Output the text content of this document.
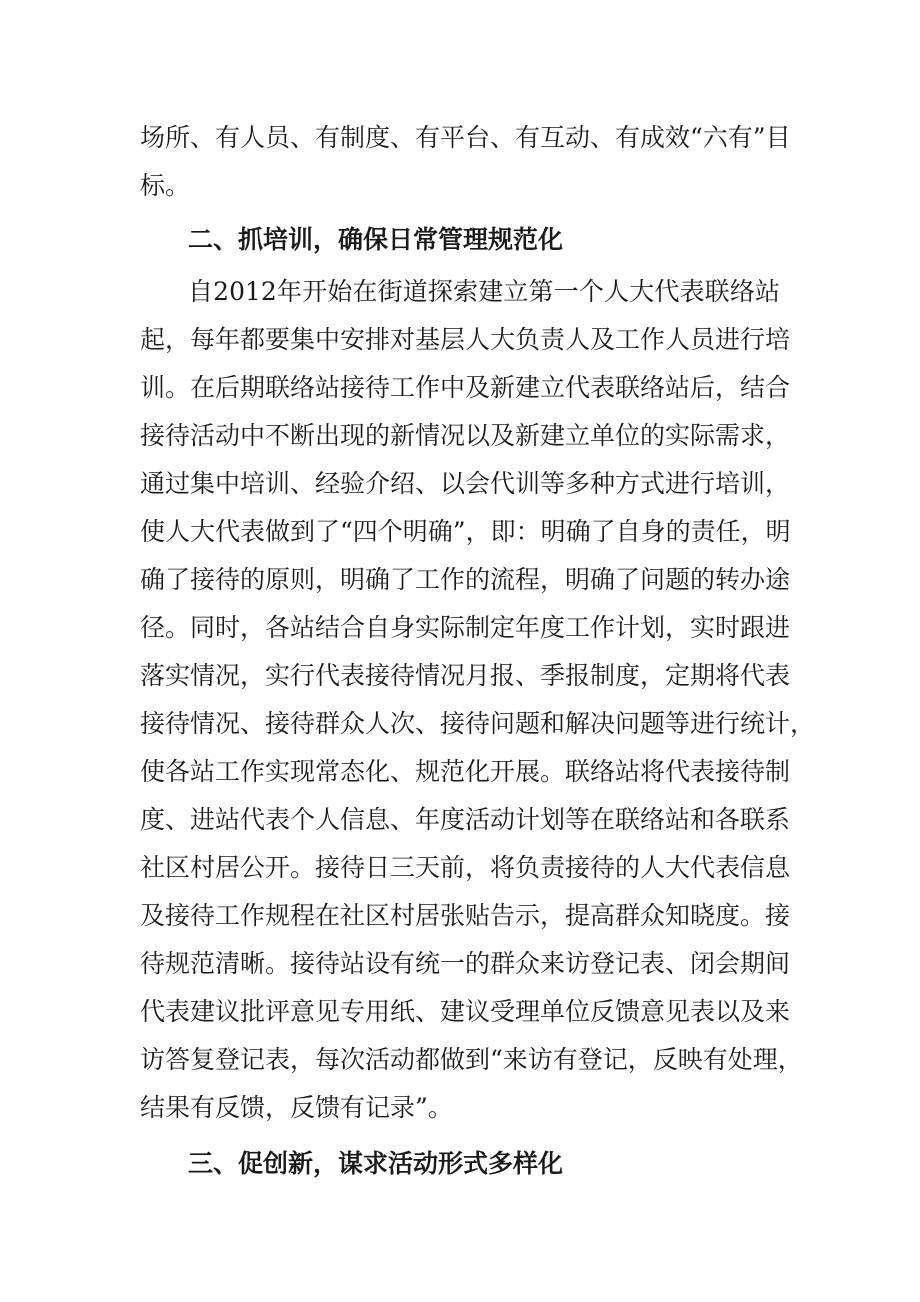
场所、有人员、有制度、有平台、有互动、有成效“六有”目
标。
二、抓培训，确保日常管理规范化
自2012年开始在街道探索建立第一个人大代表联络站
起，每年都要集中安排对基层人大负责人及工作人员进行培
训。在后期联络站接待工作中及新建立代表联络站后，结合
接待活动中不断出现的新情况以及新建立单位的实际需求，
通过集中培训、经验介绍、以会代训等多种方式进行培训，
使人大代表做到了“四个明确”，即：明确了自身的责任，明
确了接待的原则，明确了工作的流程，明确了问题的转办途
径。同时，各站结合自身实际制定年度工作计划，实时跟进
落实情况，实行代表接待情况月报、季报制度，定期将代表
接待情况、接待群众人次、接待问题和解决问题等进行统计，
使各站工作实现常态化、规范化开展。联络站将代表接待制
度、进站代表个人信息、年度活动计划等在联络站和各联系
社区村居公开。接待日三天前，将负责接待的人大代表信息
及接待工作规程在社区村居张贴告示，提高群众知晓度。接
待规范清晰。接待站设有统一的群众来访登记表、闭会期间
代表建议批评意见专用纸、建议受理单位反馈意见表以及来
访答复登记表，每次活动都做到“来访有登记，反映有处理，
结果有反馈，反馈有记录”。
三、促创新，谋求活动形式多样化
